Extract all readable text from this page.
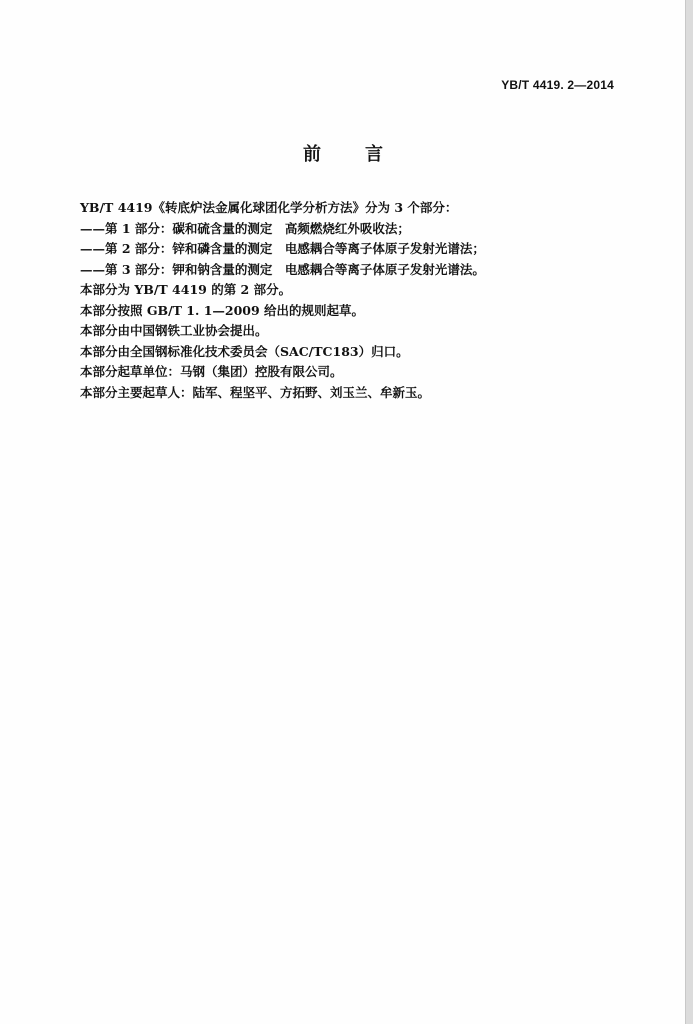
YB/T 4419. 2—2014
前言
YB/T 4419《转底炉法金属化球团化学分析方法》分为 3 个部分：
——第 1 部分：碳和硫含量的测定　高频燃烧红外吸收法；
——第 2 部分：锌和磷含量的测定　电感耦合等离子体原子发射光谱法；
——第 3 部分：钾和钠含量的测定　电感耦合等离子体原子发射光谱法。
本部分为 YB/T 4419 的第 2 部分。
本部分按照 GB/T 1. 1—2009 给出的规则起草。
本部分由中国钢铁工业协会提出。
本部分由全国钢标准化技术委员会（SAC/TC183）归口。
本部分起草单位：马钢（集团）控股有限公司。
本部分主要起草人：陆军、程坚平、方拓野、刘玉兰、牟新玉。
